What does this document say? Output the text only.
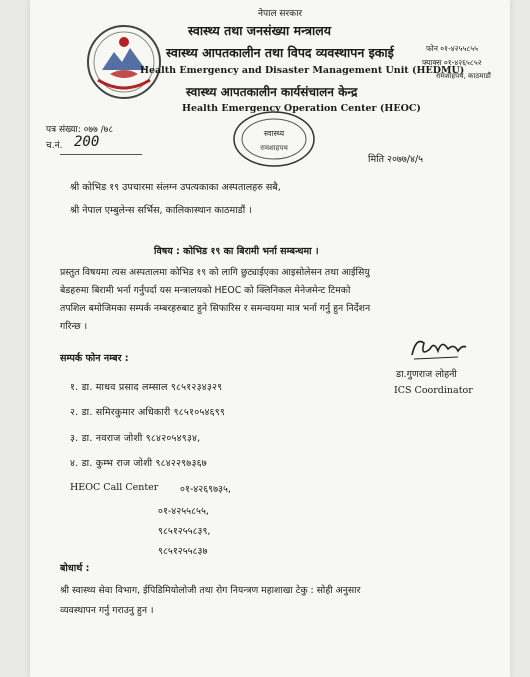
नेपाल सरकार
स्वास्थ्य तथा जनसंख्या मन्त्रालय
स्वास्थ्य आपतकालीन तथा विपद व्यवस्थापन इकाई
Health Emergency and Disaster Management Unit (HEDMU)
स्वास्थ्य आपतकालीन कार्यसंचालन केन्द्र
Health Emergency Operation Center (HEOC)
फोन ०१-४२५५८५५
फ्याक्स ०१-४२६५८५२
रामशाहपथ, काठमाडौं
स्वास्थ्य
रामशाहपथ
पत्र संख्या: ०७७ /७८
च.नं. 200
मिति २०७७/४/५
श्री कोभिड १९ उपचारमा संलग्न उपत्यकाका अस्पतालहरु सबै,
श्री नेपाल एम्बुलेन्स सर्भिस, कालिकास्थान काठमाडौं ।
विषय : कोभिड १९ का बिरामी भर्ना सम्बन्धमा ।
प्रस्तुत विषयमा त्यस अस्पतालमा कोभिड १९ को लागि छुट्याईएका आइसोलेसन तथा आईसियु
बेडहरुमा बिरामी भर्ना गर्नुपर्दा यस मन्त्रालयको HEOC को क्लिनिकल मेनेजमेन्ट टिमको
तपशिल बमोजिमका सम्पर्क नम्बरहरुबाट हुने सिफारिस र समन्वयमा मात्र भर्ना गर्नु हुन निर्देशन
गरिन्छ ।
डा.गुणराज लोहनी
ICS Coordinator
सम्पर्क फोन नम्बर :
१. डा. माधव प्रसाद लम्साल ९८५१२३४३२९
२. डा. समिरकुमार अधिकारी ९८५१०५४६९९
३. डा. नवराज जोशी ९८४२०५४९३४,
४. डा. कुम्भ राज जोशी ९८४२२९७३६७
HEOC Call Center ०१-४२६९७३५,
०१-४२५५८५५,
९८५१२५५८३९,
९८५१२५५८३७
बोधार्थ :
श्री स्वास्थ्य सेवा विभाग, ईपिडिमियोलोजी तथा रोग नियन्त्रण महाशाखा टेकु : सोही अनुसार
व्यवस्थापन गर्नु गराउनु हुन ।
